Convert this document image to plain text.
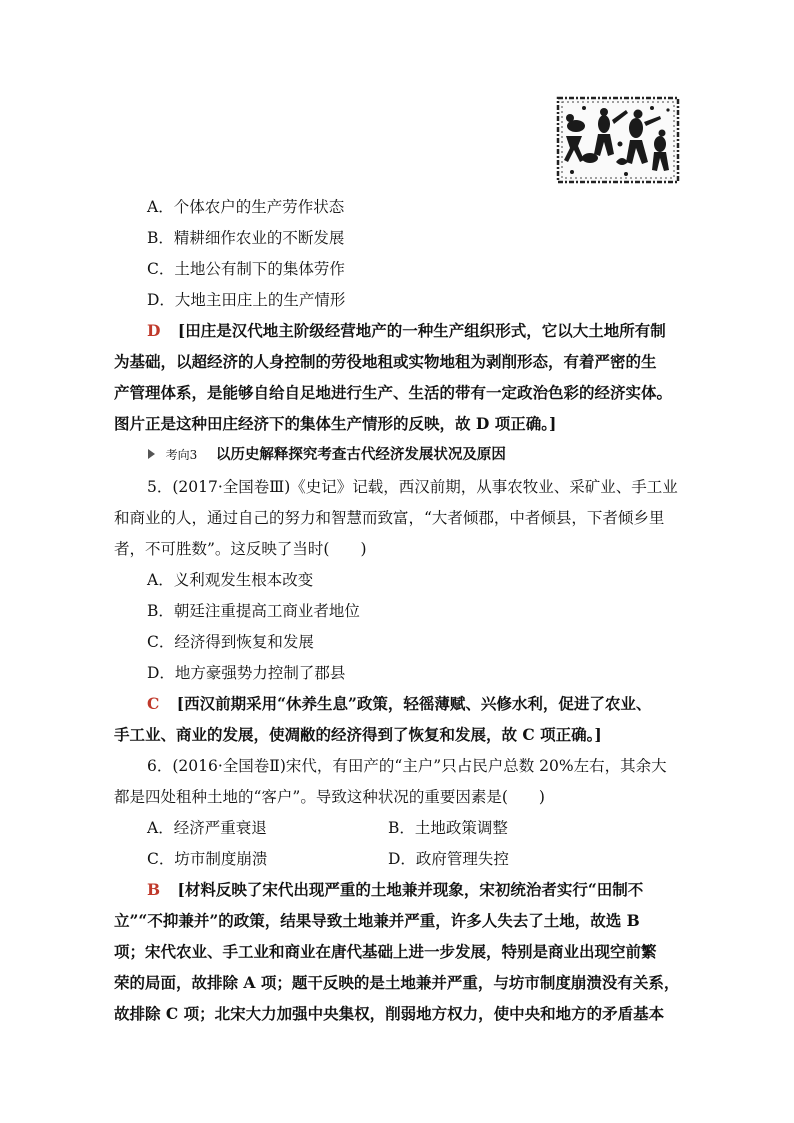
A．个体农户的生产劳作状态
B．精耕细作农业的不断发展
C．土地公有制下的集体劳作
D．大地主田庄上的生产情形
D [田庄是汉代地主阶级经营地产的一种生产组织形式，它以大土地所有制
为基础，以超经济的人身控制的劳役地租或实物地租为剥削形态，有着严密的生
产管理体系，是能够自给自足地进行生产、生活的带有一定政治色彩的经济实体。
图片正是这种田庄经济下的集体生产情形的反映，故 D 项正确。]
考向3 以历史解释探究考查古代经济发展状况及原因
5．(2017·全国卷Ⅲ)《史记》记载，西汉前期，从事农牧业、采矿业、手工业
和商业的人，通过自己的努力和智慧而致富，“大者倾郡，中者倾县，下者倾乡里
者，不可胜数”。这反映了当时(　　)
A．义利观发生根本改变
B．朝廷注重提高工商业者地位
C．经济得到恢复和发展
D．地方豪强势力控制了郡县
C [西汉前期采用“休养生息”政策，轻徭薄赋、兴修水利，促进了农业、
手工业、商业的发展，使凋敝的经济得到了恢复和发展，故 C 项正确。]
6．(2016·全国卷Ⅱ)宋代，有田产的“主户”只占民户总数 20%左右，其余大
都是四处租种土地的“客户”。导致这种状况的重要因素是(　　)
A．经济严重衰退	B．土地政策调整
C．坊市制度崩溃	D．政府管理失控
B [材料反映了宋代出现严重的土地兼并现象，宋初统治者实行“田制不
立”“不抑兼并”的政策，结果导致土地兼并严重，许多人失去了土地，故选 B
项；宋代农业、手工业和商业在唐代基础上进一步发展，特别是商业出现空前繁
荣的局面，故排除 A 项；题干反映的是土地兼并严重，与坊市制度崩溃没有关系，
故排除 C 项；北宋大力加强中央集权，削弱地方权力，使中央和地方的矛盾基本
